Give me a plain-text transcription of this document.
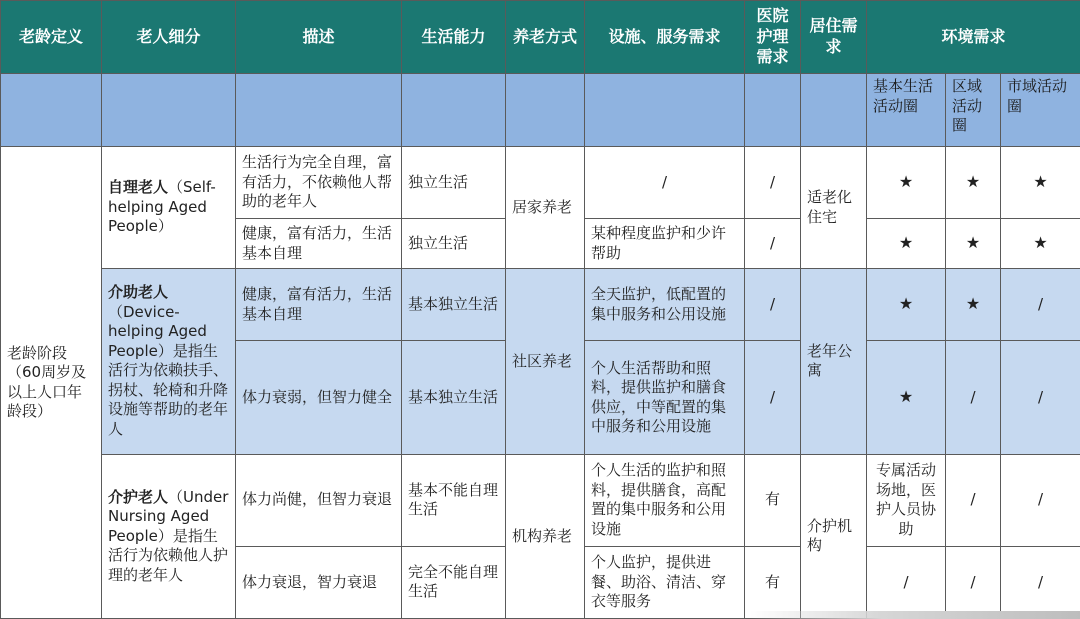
老龄定义	老人细分	描述	生活能力	养老方式	设施、服务需求	医院护理需求	居住需求	环境需求		
								基本生活活动圈	区域活动圈	市域活动圈
老龄阶段（60周岁及以上人口年龄段）	自理老人（Self-helping Aged People）	生活行为完全自理，富有活力，不依赖他人帮助的老年人	独立生活	居家养老	/	/	适老化住宅	★	★	★
		健康，富有活力，生活基本自理	独立生活		某种程度监护和少许帮助	/		★	★	★
	介助老人（Device-helping Aged People）是指生活行为依赖扶手、拐杖、轮椅和升降设施等帮助的老年人	健康，富有活力，生活基本自理	基本独立生活	社区养老	全天监护，低配置的集中服务和公用设施	/	老年公寓	★	★	/
		体力衰弱，但智力健全	基本独立生活		个人生活帮助和照料，提供监护和膳食供应，中等配置的集中服务和公用设施	/		★	/	/
	介护老人（Under Nursing Aged People）是指生活行为依赖他人护理的老年人	体力尚健，但智力衰退	基本不能自理生活	机构养老	个人生活的监护和照料，提供膳食，高配置的集中服务和公用设施	有	介护机构	专属活动场地，医护人员协助	/	/
		体力衰退，智力衰退	完全不能自理生活		个人监护，提供进餐、助浴、清洁、穿衣等服务	有		/	/	/
